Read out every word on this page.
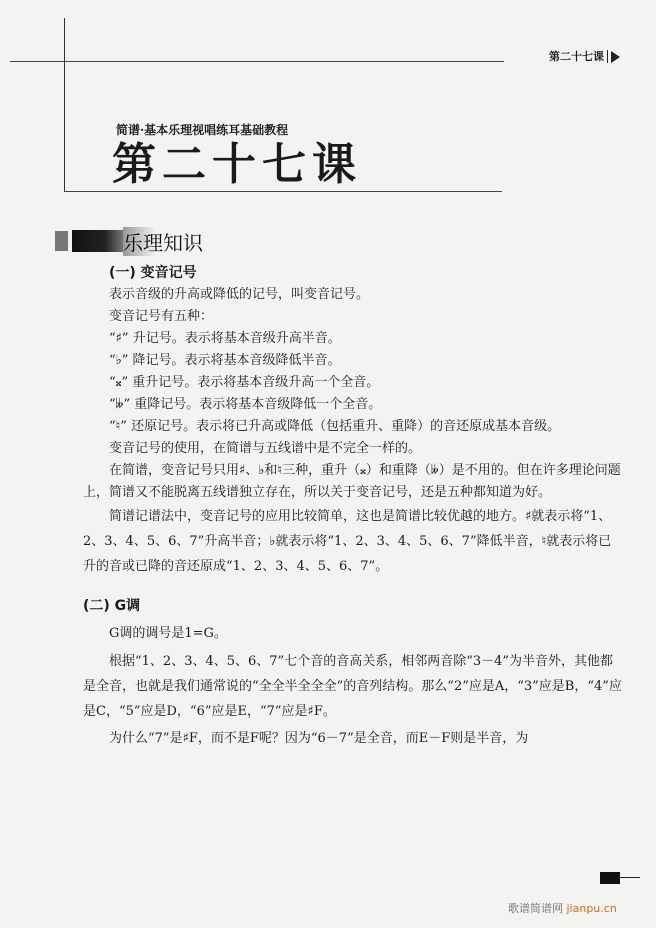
第二十七课
简谱·基本乐理视唱练耳基础教程
第二十七课
乐理知识

(一) 变音记号

表示音级的升高或降低的记号，叫变音记号。

变音记号有五种：

“♯” 升记号。表示将基本音级升高半音。

“♭” 降记号。表示将基本音级降低半音。

“𝄪” 重升记号。表示将基本音级升高一个全音。

“𝄫” 重降记号。表示将基本音级降低一个全音。

“♮” 还原记号。表示将已升高或降低（包括重升、重降）的音还原成基本音级。

变音记号的使用，在简谱与五线谱中是不完全一样的。

在简谱，变音记号只用♯、♭和♮三种，重升（𝄪）和重降（𝄫）是不用的。但在许多理论问题上，简谱又不能脱离五线谱独立存在，所以关于变音记号，还是五种都知道为好。

简谱记谱法中，变音记号的应用比较简单，这也是简谱比较优越的地方。♯就表示将“1、2、3、4、5、6、7”升高半音；♭就表示将“1、2、3、4、5、6、7”降低半音，♮就表示将已升的音或已降的音还原成“1、2、3、4、5、6、7”。

(二) G调

G调的调号是1=G。

根据“1、2、3、4、5、6、7”七个音的音高关系，相邻两音除“3－4”为半音外，其他都是全音，也就是我们通常说的“全全半全全全”的音列结构。那么“2”应是A，“3”应是B，“4”应是C，“5”应是D，“6”应是E，“7”应是♯F。

为什么“7”是♯F，而不是F呢？因为“6－7”是全音，而E－F则是半音，为

歌谱简谱网 jianpu.cn
